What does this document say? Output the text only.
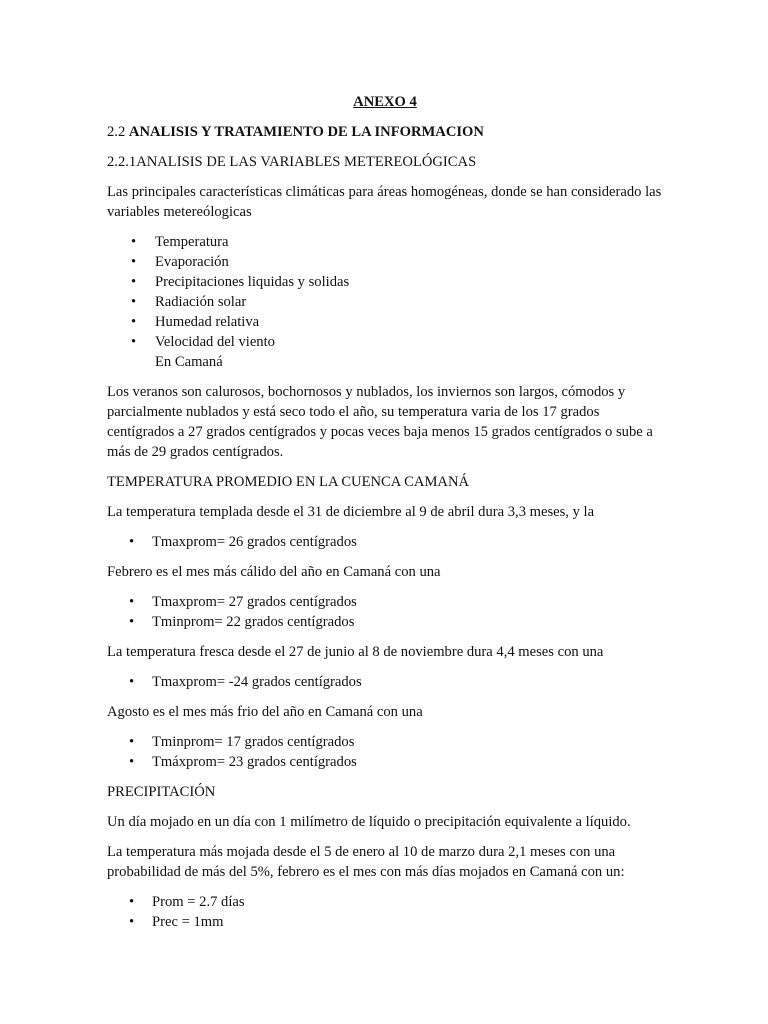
ANEXO 4
2.2 ANALISIS Y TRATAMIENTO DE LA INFORMACION
2.2.1ANALISIS DE LAS VARIABLES METEREOLÓGICAS

Las principales características climáticas para áreas homogéneas, donde se han considerado las variables metereólogicas

• Temperatura
• Evaporación
• Precipitaciones liquidas y solidas
• Radiación solar
• Humedad relativa
• Velocidad del viento
En Camaná

Los veranos son calurosos, bochornosos y nublados, los inviernos son largos, cómodos y parcialmente nublados y está seco todo el año, su temperatura varia de los 17 grados centígrados a 27 grados centígrados y pocas veces baja menos 15 grados centígrados o sube a más de 29 grados centígrados.

TEMPERATURA PROMEDIO EN LA CUENCA CAMANÁ

La temperatura templada desde el 31 de diciembre al 9 de abril dura 3,3 meses, y la

• Tmaxprom= 26 grados centígrados

Febrero es el mes más cálido del año en Camaná con una

• Tmaxprom= 27 grados centígrados
• Tminprom= 22 grados centígrados

La temperatura fresca desde el 27 de junio al 8 de noviembre dura 4,4 meses con una

• Tmaxprom= -24 grados centígrados

Agosto es el mes más frio del año en Camaná con una

• Tminprom= 17 grados centígrados
• Tmáxprom= 23 grados centígrados
PRECIPITACIÓN

Un día mojado en un día con 1 milímetro de líquido o precipitación equivalente a líquido.

La temperatura más mojada desde el 5 de enero al 10 de marzo dura 2,1 meses con una probabilidad de más del 5%, febrero es el mes con más días mojados en Camaná con un:

• Prom = 2.7 días
• Prec = 1mm
